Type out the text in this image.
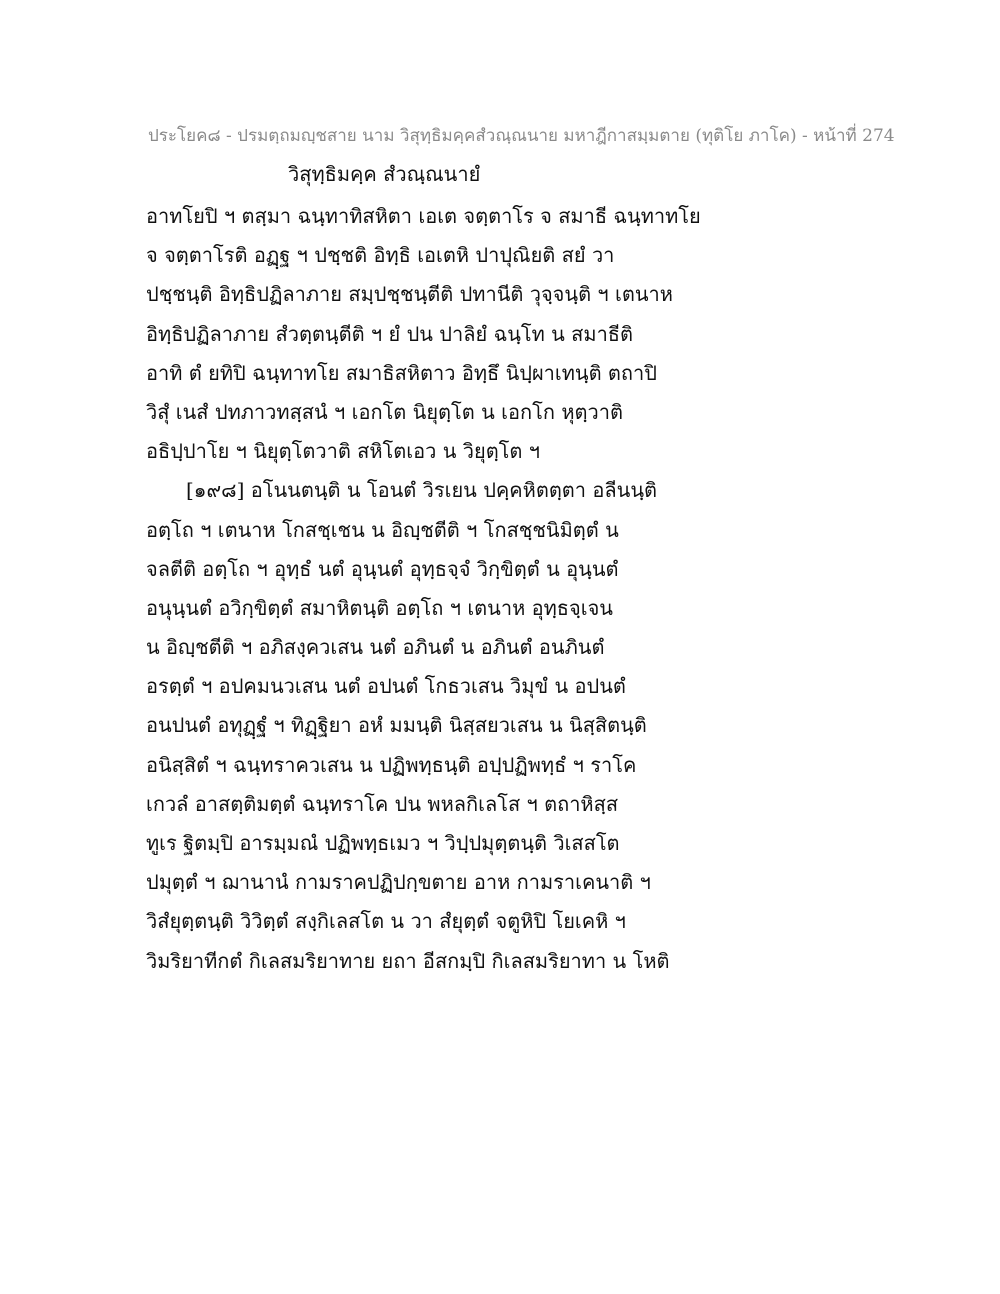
ประโยค๘ - ปรมตฺถมญฺชสาย นาม วิสุทฺธิมคฺคสํวณฺณนาย มหาฎีกาสมฺมตาย (ทุติโย ภาโค) - หน้าที่ 274
วิสุทฺธิมคฺค สํวณฺณนายํ
อาทโยปิ ฯ ตสฺมา ฉนฺทาทิสหิตา เอเต จตฺตาโร จ สมาธี ฉนฺทาทโย
จ จตฺตาโรติ อฏฺฐ ฯ ปชฺชติ อิทฺธิ เอเตหิ ปาปุณิยติ สยํ วา
ปชฺชนฺติ อิทฺธิปฏิลาภาย สมฺปชฺชนฺตีติ ปทานีติ วุจฺจนฺติ ฯ เตนาห
อิทฺธิปฏิลาภาย สํวตฺตนฺตีติ ฯ ยํ ปน ปาลิยํ ฉนฺโท น สมาธีติ
อาทิ ตํ ยทิปิ ฉนฺทาทโย สมาธิสหิตาว อิทฺธึ นิปฺผาเทนฺติ ตถาปิ
วิสุํ เนสํ ปทภาวทสฺสนํ ฯ เอกโต นิยุตฺโต น เอกโก หุตฺวาติ
อธิปฺปาโย ฯ นิยุตฺโตวาติ สหิโตเอว น วิยุตฺโต ฯ
[๑๙๘] อโนนตนฺติ น โอนตํ วิรเยน ปคฺคหิตตฺตา อลีนนฺติ
อตฺโถ ฯ เตนาห โกสชฺเชน น อิญฺชตีติ ฯ โกสชฺชนิมิตฺตํ น
จลตีติ อตฺโถ ฯ อุทฺธํ นตํ อุนฺนตํ อุทฺธจฺจํ วิกฺขิตฺตํ น อุนฺนตํ
อนุนฺนตํ อวิกฺขิตฺตํ สมาหิตนฺติ อตฺโถ ฯ เตนาห อุทฺธจฺเจน
น อิญฺชตีติ ฯ อภิสงฺควเสน นตํ อภินตํ น อภินตํ อนภินตํ
อรตฺตํ ฯ อปคมนวเสน นตํ อปนตํ โกธวเสน วิมุขํ น อปนตํ
อนปนตํ อทุฏฺฐํ ฯ ทิฏฺฐิยา อหํ มมนฺติ นิสฺสยวเสน น นิสฺสิตนฺติ
อนิสฺสิตํ ฯ ฉนฺทราควเสน น ปฏิพทฺธนฺติ อปฺปฏิพทฺธํ ฯ ราโค
เกวลํ อาสตฺติมตฺตํ ฉนฺทราโค ปน พหลกิเลโส ฯ ตถาหิสฺส
ทูเร ฐิตมฺปิ อารมฺมณํ ปฏิพทฺธเมว ฯ วิปฺปมุตฺตนฺติ วิเสสโต
ปมุตฺตํ ฯ ฌานานํ กามราคปฏิปกฺขตาย อาห กามราเคนาติ ฯ
วิสํยุตฺตนฺติ วิวิตฺตํ สงฺกิเลสโต น วา สํยุตฺตํ จตูหิปิ โยเคหิ ฯ
วิมริยาทีกตํ กิเลสมริยาทาย ยถา อีสกมฺปิ กิเลสมริยาทา น โหติ
